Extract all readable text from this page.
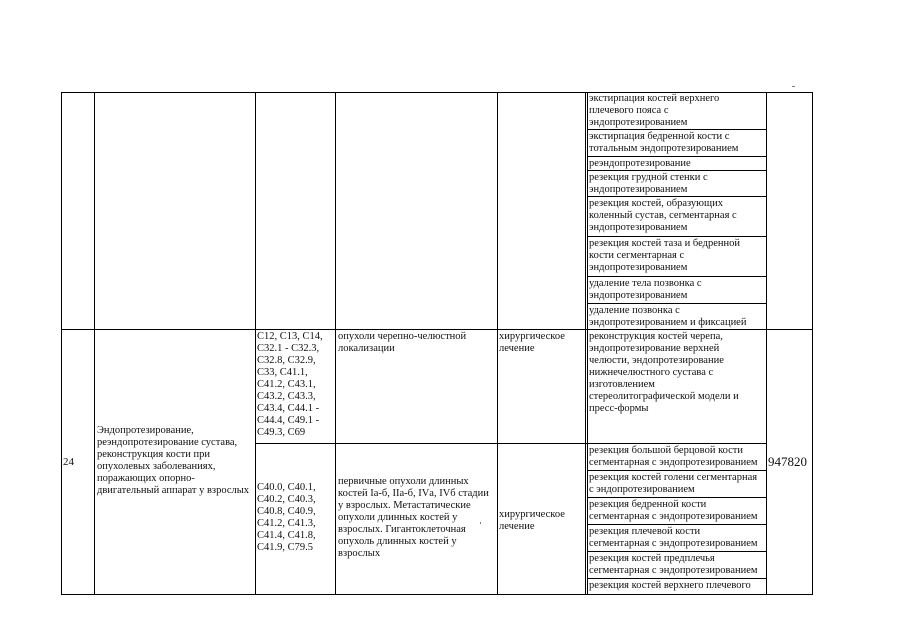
экстирпация костей верхнего
плечевого пояса с
эндопротезированием
экстирпация бедренной кости с
тотальным эндопротезированием
реэндопротезирование
резекция грудной стенки с
эндопротезированием
резекция костей, образующих
коленный сустав, сегментарная с
эндопротезированием
резекция костей таза и бедренной
кости сегментарная с
эндопротезированием
удаление тела позвонка с
эндопротезированием
удаление позвонка с
эндопротезированием и фиксацией
24
Эндопротезирование,
реэндопротезирование сустава,
реконструкция кости при
опухолевых заболеваниях,
поражающих опорно-
двигательный аппарат у взрослых
947820
C12, C13, C14,
C32.1 - C32.3,
C32.8, C32.9,
C33, C41.1,
C41.2, C43.1,
C43.2, C43.3,
C43.4, C44.1 -
C44.4, C49.1 -
C49.3, C69
опухоли черепно-челюстной
локализации
хирургическое
лечение
реконструкция костей черепа,
эндопротезирование верхней
челюсти, эндопротезирование
нижнечелюстного сустава с
изготовлением
стереолитографической модели и
пресс-формы
C40.0, C40.1,
C40.2, C40.3,
C40.8, C40.9,
C41.2, C41.3,
C41.4, C41.8,
C41.9, C79.5
первичные опухоли длинных
костей Iа-б, IIа-б, IVа, IVб стадии
у взрослых. Метастатические
опухоли длинных костей у
взрослых. Гигантоклеточная
опухоль длинных костей у
взрослых
хирургическое
лечение
резекция большой берцовой кости
сегментарная с эндопротезированием
резекция костей голени сегментарная
с эндопротезированием
резекция бедренной кости
сегментарная с эндопротезированием
резекция плечевой кости
сегментарная с эндопротезированием
резекция костей предплечья
сегментарная с эндопротезированием
резекция костей верхнего плечевого
